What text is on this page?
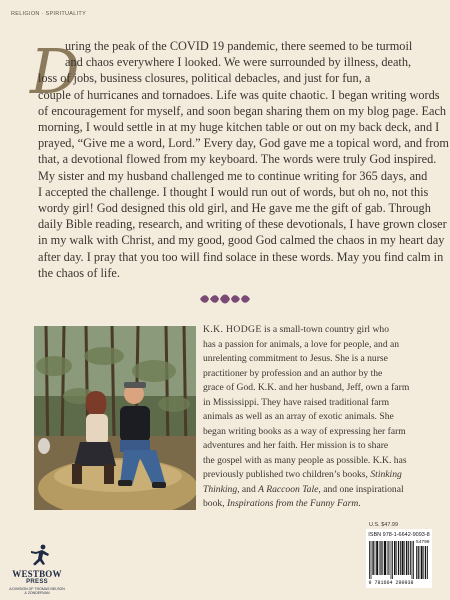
RELIGION · SPIRITUALITY
D
uring the peak of the COVID 19 pandemic, there seemed to be turmoil
and chaos everywhere I looked. We were surrounded by illness, death,
loss of jobs, business closures, political debacles, and just for fun, a
couple of hurricanes and tornadoes. Life was quite chaotic. I began writing words
of encouragement for myself, and soon began sharing them on my blog page. Each
morning, I would settle in at my huge kitchen table or out on my back deck, and I
prayed, “Give me a word, Lord.” Every day, God gave me a topical word, and from
that, a devotional flowed from my keyboard. The words were truly God inspired.
My sister and my husband challenged me to continue writing for 365 days, and
I accepted the challenge. I thought I would run out of words, but oh no, not this
wordy girl! God designed this old girl, and He gave me the gift of gab. Through
daily Bible reading, research, and writing of these devotionals, I have grown closer
in my walk with Christ, and my good, good God calmed the chaos in my heart day
after day. I pray that you too will find solace in these words. May you find calm in
the chaos of life.
K.K. HODGE is a small-town country girl who
has a passion for animals, a love for people, and an
unrelenting commitment to Jesus. She is a nurse
practitioner by profession and an author by the
grace of God. K.K. and her husband, Jeff, own a farm
in Mississippi. They have raised traditional farm
animals as well as an array of exotic animals. She
began writing books as a way of expressing her farm
adventures and her faith. Her mission is to share
the gospel with as many people as possible. K.K. has
previously published two children’s books, Stinking
Thinking, and A Raccoon Tale, and one inspirational
book, Inspirations from the Funny Farm.
U.S. $47.99
ISBN 978-1-6642-9093-8
54799
9 781664 290938
WESTBOW
PRESS
A DIVISION OF THOMAS NELSON
& ZONDERVAN
